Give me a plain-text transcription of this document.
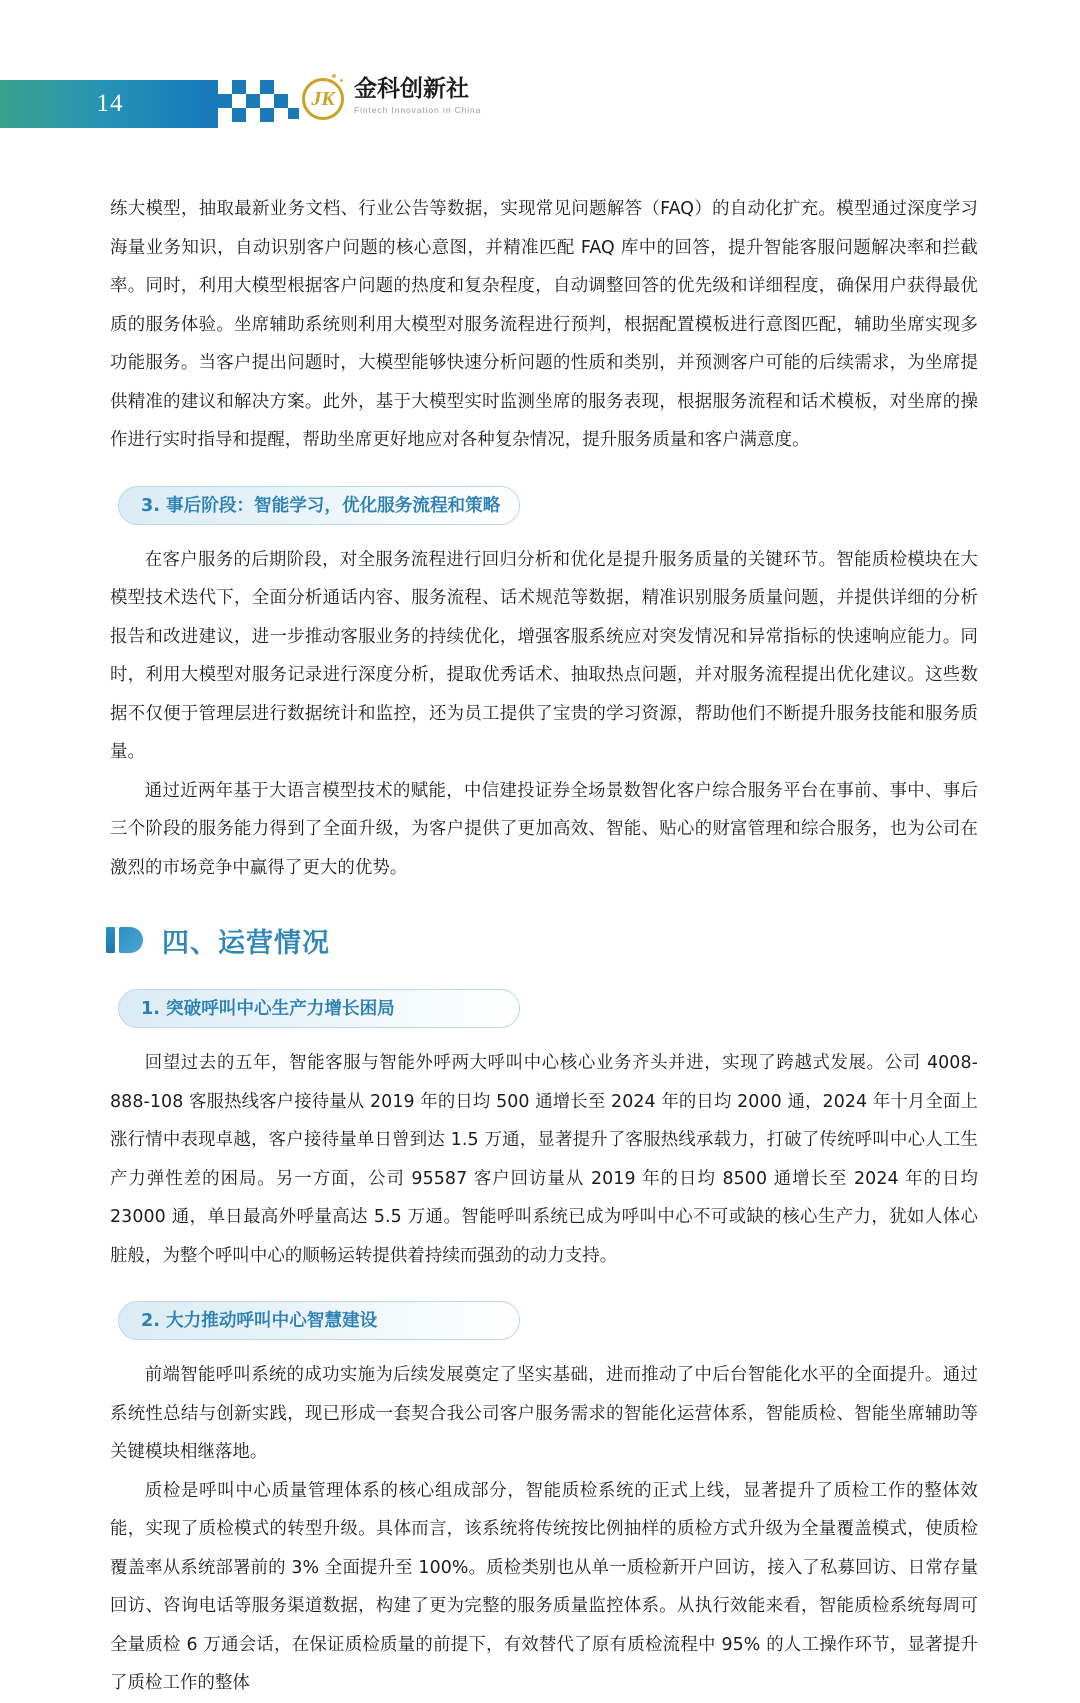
14	JK 金科创新社
Fintech Innovation in China

练大模型，抽取最新业务文档、行业公告等数据，实现常见问题解答（FAQ）的自动化扩充。模型通过深度学习海量业务知识，自动识别客户问题的核心意图，并精准匹配 FAQ 库中的回答，提升智能客服问题解决率和拦截率。同时，利用大模型根据客户问题的热度和复杂程度，自动调整回答的优先级和详细程度，确保用户获得最优质的服务体验。坐席辅助系统则利用大模型对服务流程进行预判，根据配置模板进行意图匹配，辅助坐席实现多功能服务。当客户提出问题时，大模型能够快速分析问题的性质和类别，并预测客户可能的后续需求，为坐席提供精准的建议和解决方案。此外，基于大模型实时监测坐席的服务表现，根据服务流程和话术模板，对坐席的操作进行实时指导和提醒，帮助坐席更好地应对各种复杂情况，提升服务质量和客户满意度。

3. 事后阶段：智能学习，优化服务流程和策略

在客户服务的后期阶段，对全服务流程进行回归分析和优化是提升服务质量的关键环节。智能质检模块在大模型技术迭代下，全面分析通话内容、服务流程、话术规范等数据，精准识别服务质量问题，并提供详细的分析报告和改进建议，进一步推动客服业务的持续优化，增强客服系统应对突发情况和异常指标的快速响应能力。同时，利用大模型对服务记录进行深度分析，提取优秀话术、抽取热点问题，并对服务流程提出优化建议。这些数据不仅便于管理层进行数据统计和监控，还为员工提供了宝贵的学习资源，帮助他们不断提升服务技能和服务质量。

通过近两年基于大语言模型技术的赋能，中信建投证券全场景数智化客户综合服务平台在事前、事中、事后三个阶段的服务能力得到了全面升级，为客户提供了更加高效、智能、贴心的财富管理和综合服务，也为公司在激烈的市场竞争中赢得了更大的优势。

四、运营情况
1. 突破呼叫中心生产力增长困局

回望过去的五年，智能客服与智能外呼两大呼叫中心核心业务齐头并进，实现了跨越式发展。公司 4008-888-108 客服热线客户接待量从 2019 年的日均 500 通增长至 2024 年的日均 2000 通，2024 年十月全面上涨行情中表现卓越，客户接待量单日曾到达 1.5 万通，显著提升了客服热线承载力，打破了传统呼叫中心人工生产力弹性差的困局。另一方面，公司 95587 客户回访量从 2019 年的日均 8500 通增长至 2024 年的日均 23000 通，单日最高外呼量高达 5.5 万通。智能呼叫系统已成为呼叫中心不可或缺的核心生产力，犹如人体心脏般，为整个呼叫中心的顺畅运转提供着持续而强劲的动力支持。

2. 大力推动呼叫中心智慧建设

前端智能呼叫系统的成功实施为后续发展奠定了坚实基础，进而推动了中后台智能化水平的全面提升。通过系统性总结与创新实践，现已形成一套契合我公司客户服务需求的智能化运营体系，智能质检、智能坐席辅助等关键模块相继落地。

质检是呼叫中心质量管理体系的核心组成部分，智能质检系统的正式上线，显著提升了质检工作的整体效能，实现了质检模式的转型升级。具体而言，该系统将传统按比例抽样的质检方式升级为全量覆盖模式，使质检覆盖率从系统部署前的 3% 全面提升至 100%。质检类别也从单一质检新开户回访，接入了私募回访、日常存量回访、咨询电话等服务渠道数据，构建了更为完整的服务质量监控体系。从执行效能来看，智能质检系统每周可全量质检 6 万通会话，在保证质检质量的前提下，有效替代了原有质检流程中 95% 的人工操作环节，显著提升了质检工作的整体
